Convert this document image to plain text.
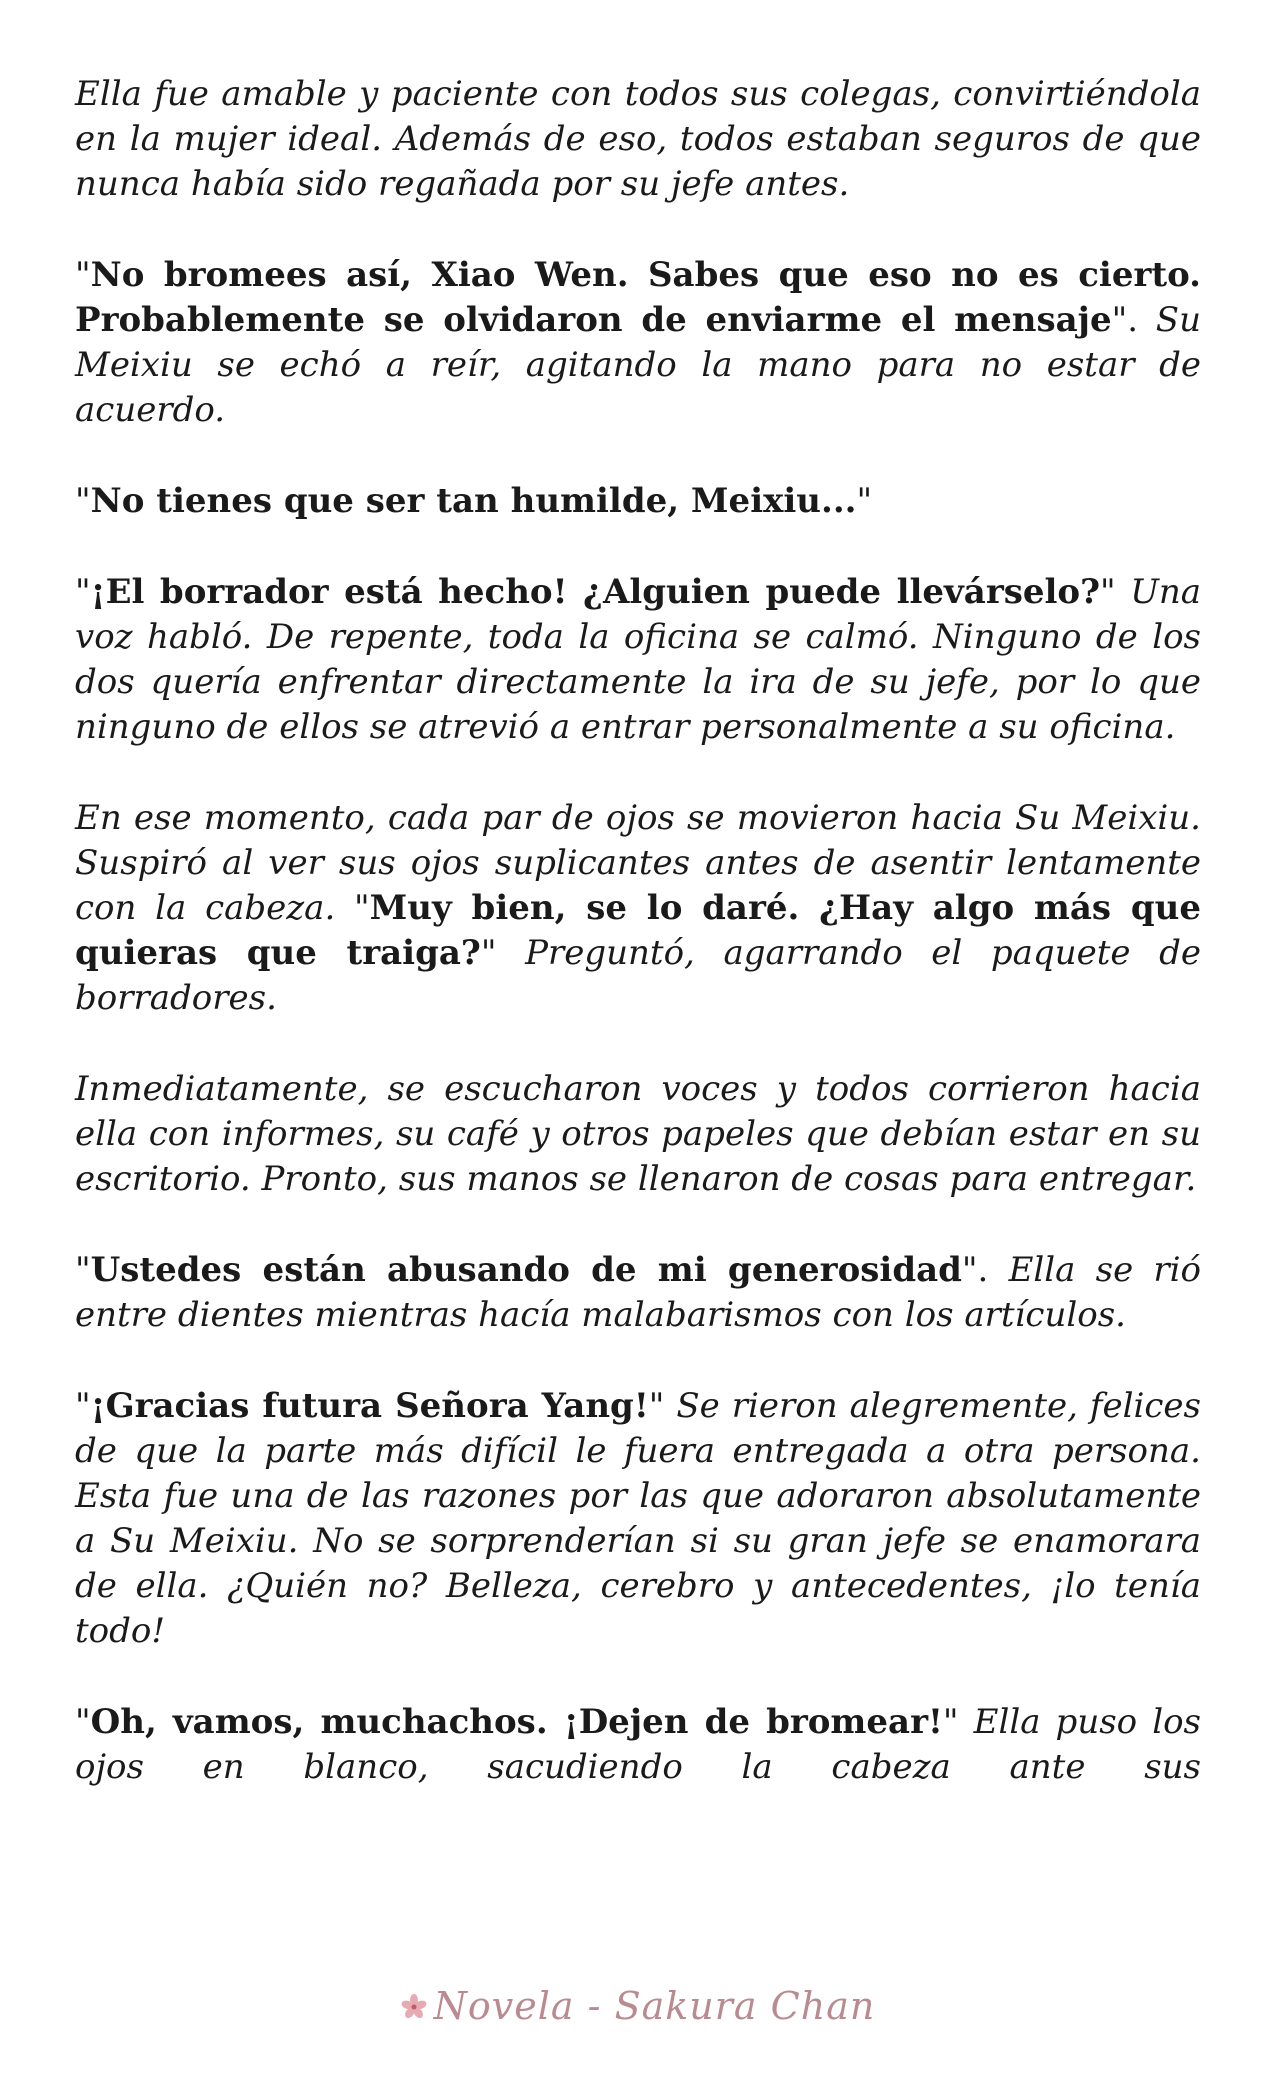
Ella fue amable y paciente con todos sus colegas, convirtiéndola en la mujer ideal. Además de eso, todos estaban seguros de que nunca había sido regañada por su jefe antes.

"No bromees así, Xiao Wen. Sabes que eso no es cierto. Probablemente se olvidaron de enviarme el mensaje". Su Meixiu se echó a reír, agitando la mano para no estar de acuerdo.

"No tienes que ser tan humilde, Meixiu..."

"¡El borrador está hecho! ¿Alguien puede llevárselo?" Una voz habló. De repente, toda la oficina se calmó. Ninguno de los dos quería enfrentar directamente la ira de su jefe, por lo que ninguno de ellos se atrevió a entrar personalmente a su oficina.

En ese momento, cada par de ojos se movieron hacia Su Meixiu. Suspiró al ver sus ojos suplicantes antes de asentir lentamente con la cabeza. "Muy bien, se lo daré. ¿Hay algo más que quieras que traiga?" Preguntó, agarrando el paquete de borradores.

Inmediatamente, se escucharon voces y todos corrieron hacia ella con informes, su café y otros papeles que debían estar en su escritorio. Pronto, sus manos se llenaron de cosas para entregar.

"Ustedes están abusando de mi generosidad". Ella se rió entre dientes mientras hacía malabarismos con los artículos.

"¡Gracias futura Señora Yang!" Se rieron alegremente, felices de que la parte más difícil le fuera entregada a otra persona. Esta fue una de las razones por las que adoraron absolutamente a Su Meixiu. No se sorprenderían si su gran jefe se enamorara de ella. ¿Quién no? Belleza, cerebro y antecedentes, ¡lo tenía todo!

"Oh, vamos, muchachos. ¡Dejen de bromear!" Ella puso los ojos en blanco, sacudiendo la cabeza ante sus

Novela - Sakura Chan
